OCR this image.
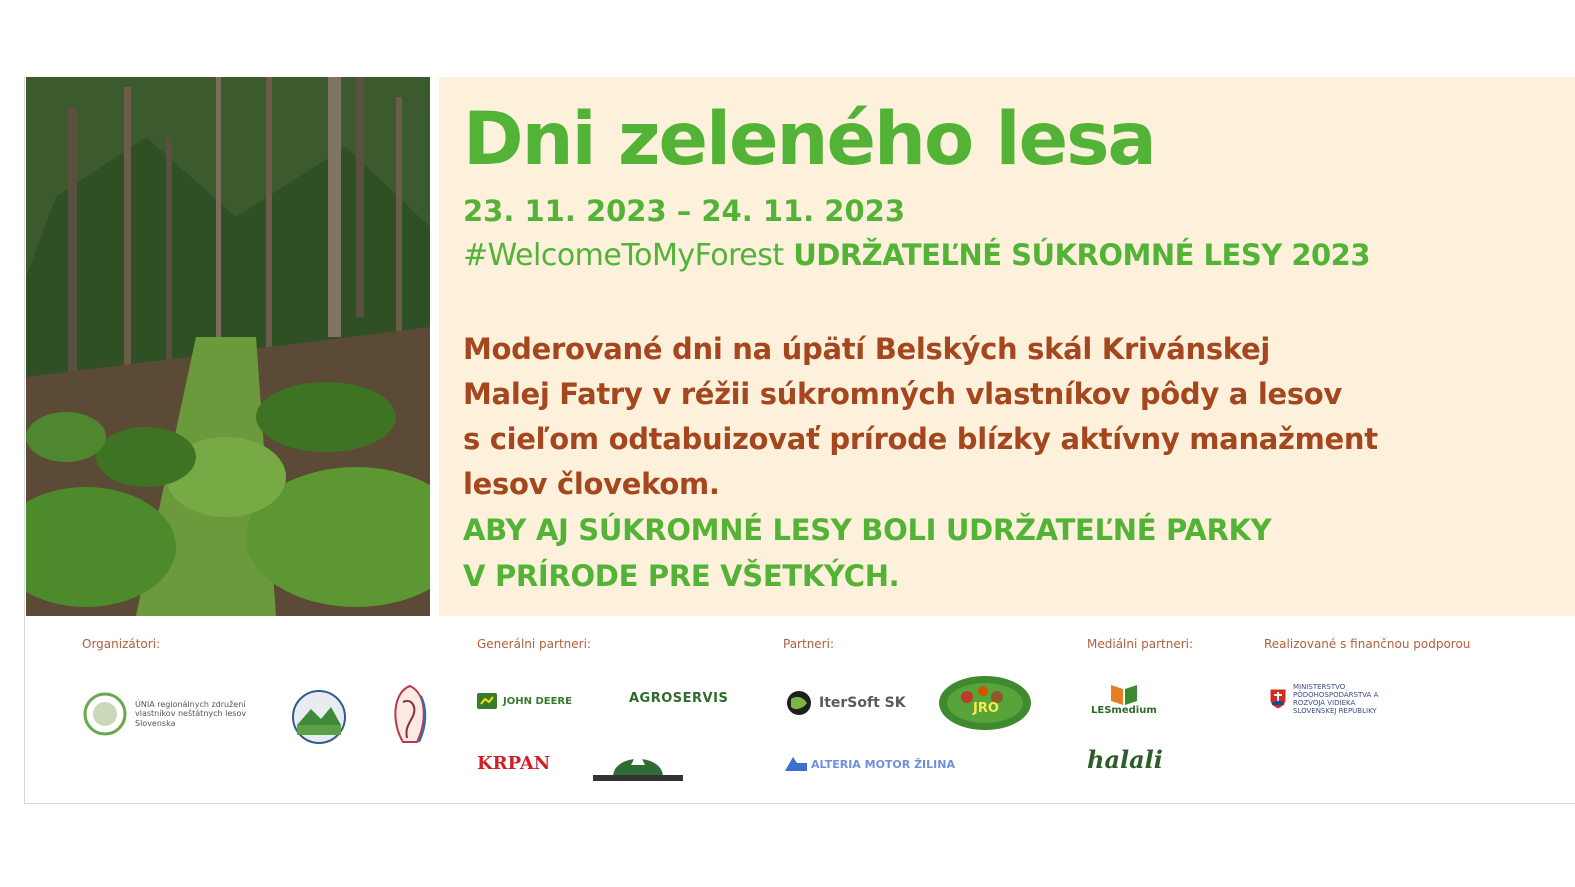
Dni zeleného lesa
23. 11. 2023 – 24. 11. 2023
#WelcomeToMyForest UDRŽATEĽNÉ SÚKROMNÉ LESY 2023
Moderované dni na úpätí Belských skál Krivánskej
Malej Fatry v réžii súkromných vlastníkov pôdy a lesov
s cieľom odtabuizovať prírode blízky aktívny manažment
lesov človekom.
ABY AJ SÚKROMNÉ LESY BOLI UDRŽATEĽNÉ PARKY
V PRÍRODE PRE VŠETKÝCH.
Organizátori:	Generálni partneri:	Partneri:	Mediálni partneri:	Realizované s finančnou podporou
ÚNIA regionálnych združení vlastníkov neštátnych lesov Slovenska
JOHN DEERE	AGROSERVIS
KRPAN
IterSoft SK	JRO
ALTERIA MOTOR ŽILINA
LESmedium
halali
MINISTERSTVO PÔDOHOSPODÁRSTVA A ROZVOJA VIDIEKA SLOVENSKEJ REPUBLIKY
